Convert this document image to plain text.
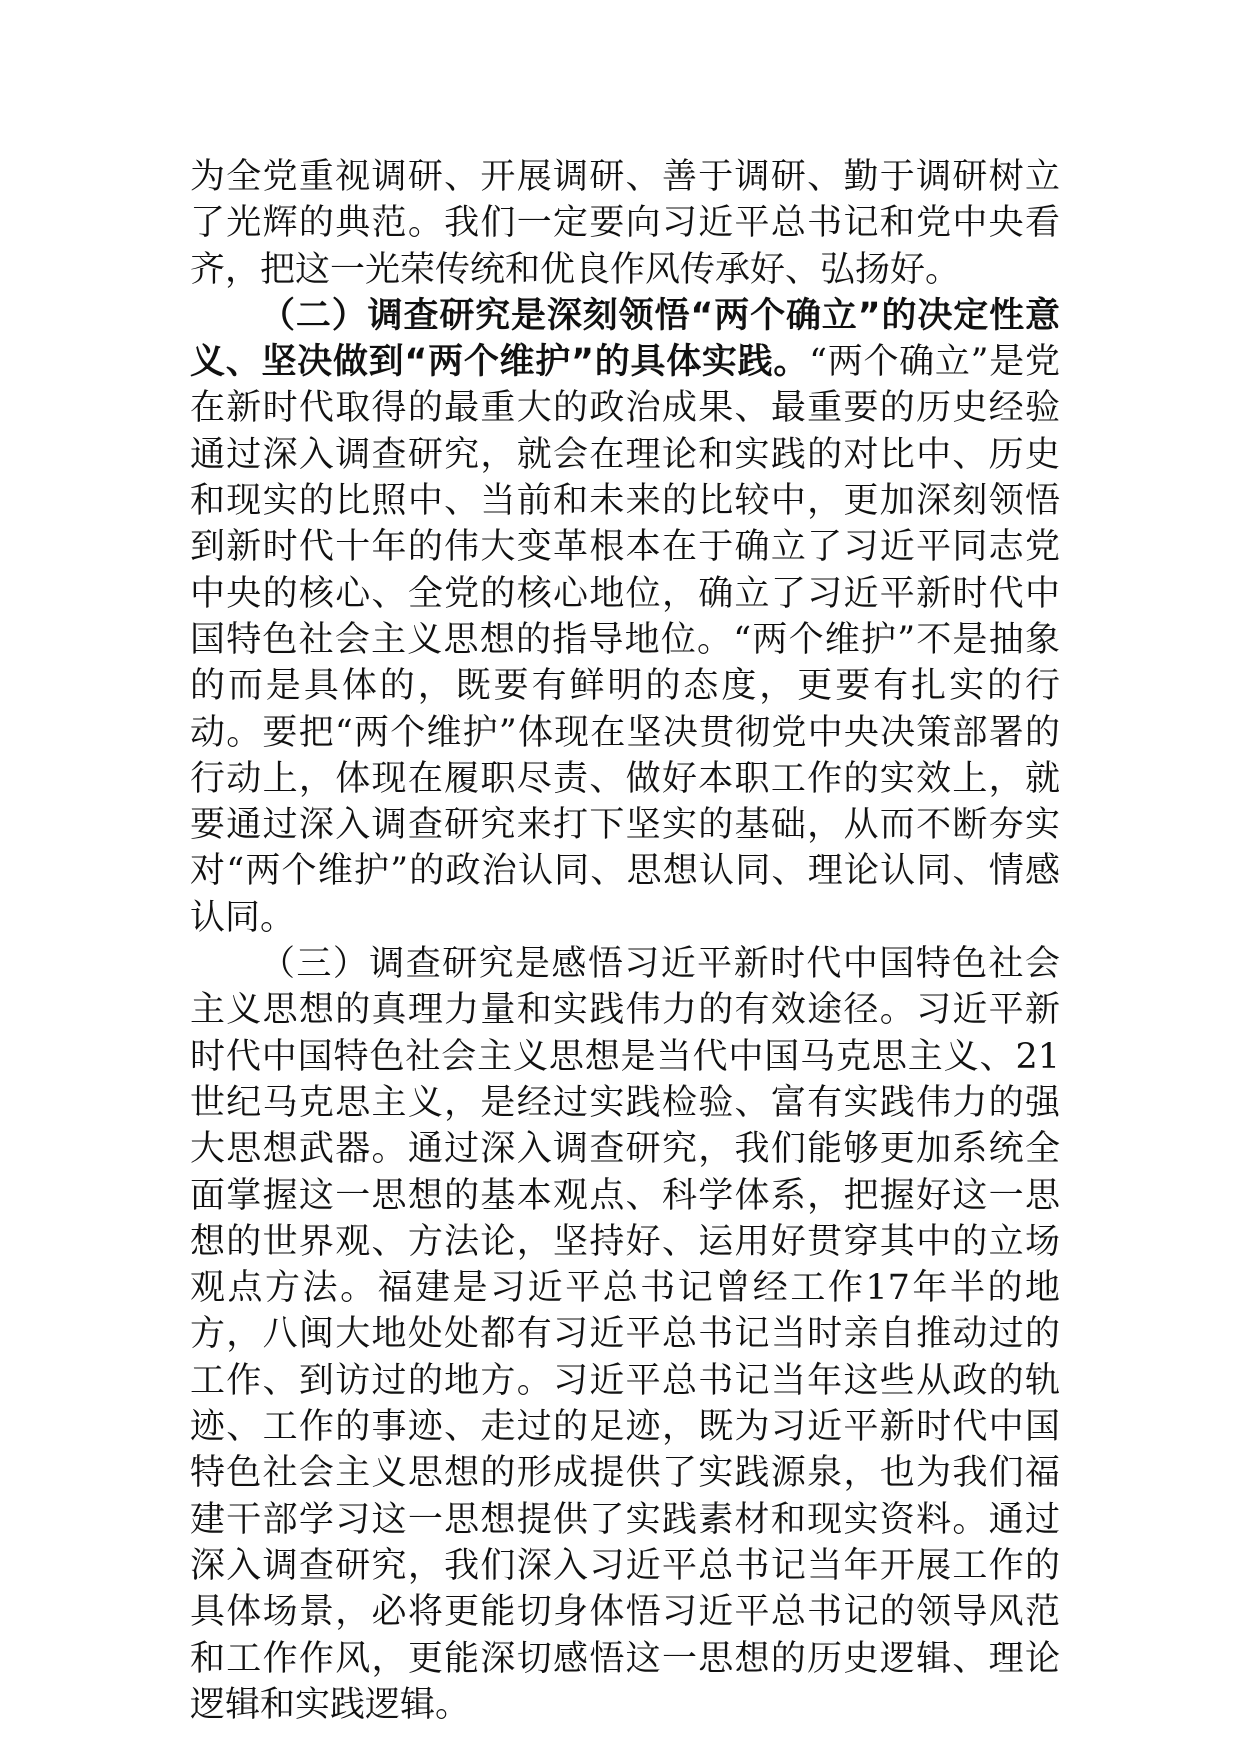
为全党重视调研、开展调研、善于调研、勤于调研树立了光辉的典范。我们一定要向习近平总书记和党中央看齐，把这一光荣传统和优良作风传承好、弘扬好。

（二）调查研究是深刻领悟“两个确立”的决定性意义、坚决做到“两个维护”的具体实践。“两个确立”是党在新时代取得的最重大的政治成果、最重要的历史经验通过深入调查研究，就会在理论和实践的对比中、历史和现实的比照中、当前和未来的比较中，更加深刻领悟到新时代十年的伟大变革根本在于确立了习近平同志党中央的核心、全党的核心地位，确立了习近平新时代中国特色社会主义思想的指导地位。“两个维护”不是抽象的而是具体的，既要有鲜明的态度，更要有扎实的行动。要把“两个维护”体现在坚决贯彻党中央决策部署的行动上，体现在履职尽责、做好本职工作的实效上，就要通过深入调查研究来打下坚实的基础，从而不断夯实对“两个维护”的政治认同、思想认同、理论认同、情感认同。

（三）调查研究是感悟习近平新时代中国特色社会主义思想的真理力量和实践伟力的有效途径。习近平新时代中国特色社会主义思想是当代中国马克思主义、21世纪马克思主义，是经过实践检验、富有实践伟力的强大思想武器。通过深入调查研究，我们能够更加系统全面掌握这一思想的基本观点、科学体系，把握好这一思想的世界观、方法论，坚持好、运用好贯穿其中的立场观点方法。福建是习近平总书记曾经工作17年半的地方，八闽大地处处都有习近平总书记当时亲自推动过的工作、到访过的地方。习近平总书记当年这些从政的轨迹、工作的事迹、走过的足迹，既为习近平新时代中国特色社会主义思想的形成提供了实践源泉，也为我们福建干部学习这一思想提供了实践素材和现实资料。通过深入调查研究，我们深入习近平总书记当年开展工作的具体场景，必将更能切身体悟习近平总书记的领导风范和工作作风，更能深切感悟这一思想的历史逻辑、理论逻辑和实践逻辑。
